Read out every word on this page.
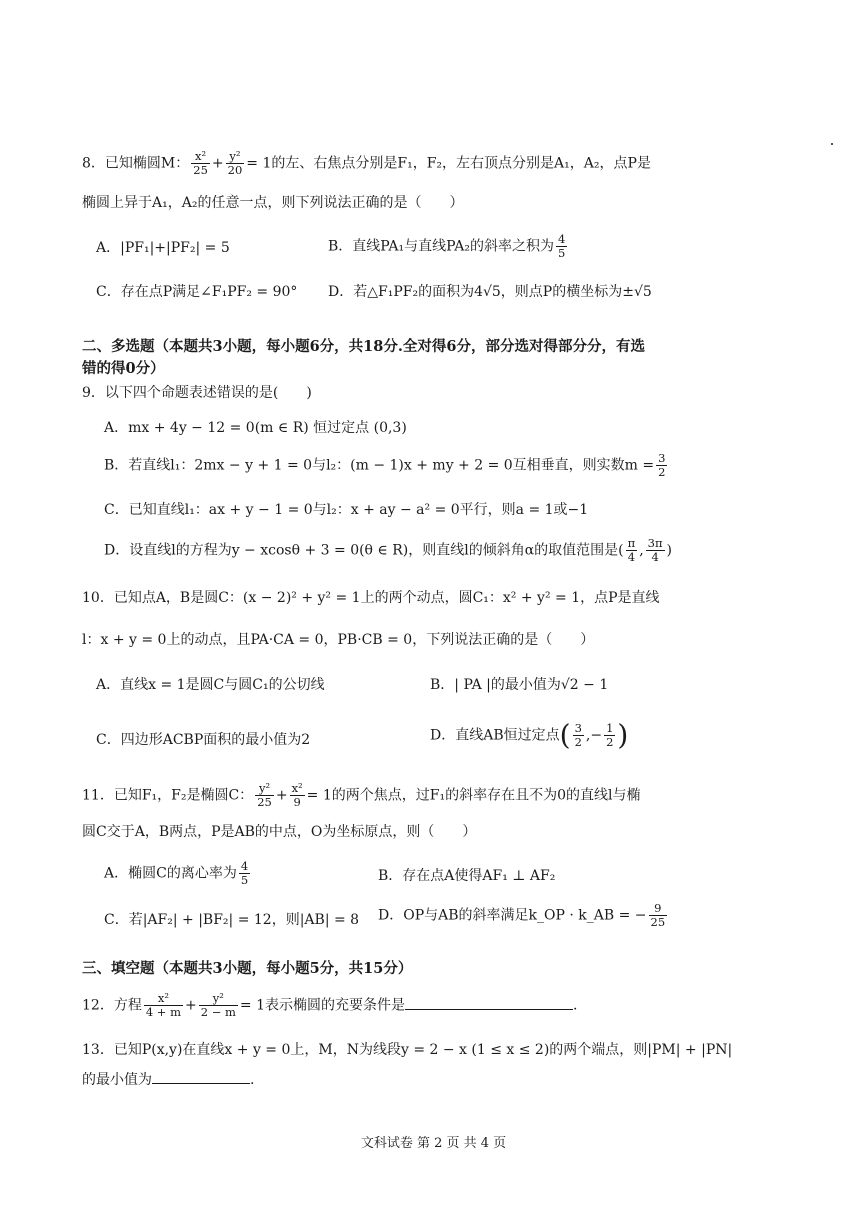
8．已知椭圆M： $\frac{\text{x²}}{25} + \frac{\text{y²}}{20} = 1$的左、右焦点分别是F₁，F₂，左右顶点分别是A₁，A₂，点P是
椭圆上异于A₁，A₂的任意一点，则下列说法正确的是（　　）
A．|PF₁|+|PF₂| = 5	B．直线PA₁与直线PA₂的斜率之积为 $\frac{4}{5}$
C．存在点P满足∠F₁PF₂ = 90° D．若△F₁PF₂的面积为4√5，则点P的横坐标为±√5
二、多选题（本题共3小题，每小题6分，共18分.全对得6分，部分选对得部分分，有选
错的得0分）
9．以下四个命题表述错误的是(　　)
A．mx + 4y − 12 = 0(m ∈ R) 恒过定点 (0,3)
B．若直线l₁：2mx − y + 1 = 0与l₂：(m − 1)x + my + 2 = 0互相垂直，则实数$m = \frac{3}{2}$
C．已知直线l₁：ax + y − 1 = 0与l₂：x + ay − a² = 0平行，则a = 1或−1
D．设直线l的方程为y − xcosθ + 3 = 0(θ ∈ R)，则直线l的倾斜角α的取值范围是( $\frac{\pi}{4}$ , $\frac{3\pi}{4}$ )
10．已知点A，B是圆C：(x − 2)² + y² = 1上的两个动点，圆C₁：x² + y² = 1，点P是直线
l：x + y = 0上的动点，且PA·CA = 0，PB·CB = 0，下列说法正确的是（　　）
A．直线x = 1是圆C与圆C₁的公切线	B．| PA |的最小值为√2 − 1
C．四边形ACBP面积的最小值为2	D．直线AB恒过定点( $\frac{3}{2}$ ,− $\frac{1}{2}$ )
11．已知F₁，F₂是椭圆C： $\frac{\text{y²}}{25} + \frac{\text{x²}}{9} = 1$的两个焦点，过F₁的斜率存在且不为0的直线l与椭
圆C交于A，B两点，P是AB的中点，O为坐标原点，则（　　）
A．椭圆C的离心率为 $\frac{4}{5}$	B．存在点A使得AF₁ ⊥ AF₂
C．若|AF₂| + |BF₂| = 12，则|AB| = 8 D．OP与AB的斜率满足k_OP · k_AB = − $\frac{9}{25}$
三、填空题（本题共3小题，每小题5分，共15分）
12．方程 $\frac{\text{x²}}{4 + m} + \frac{\text{y²}}{2 - m} = 1$表示椭圆的充要条件是	.
13．已知P(x,y)在直线x + y = 0上，M，N为线段y = 2 − x (1 ≤ x ≤ 2)的两个端点，则|PM| + |PN|
的最小值为	.
文科试卷 第 2 页 共 4 页
